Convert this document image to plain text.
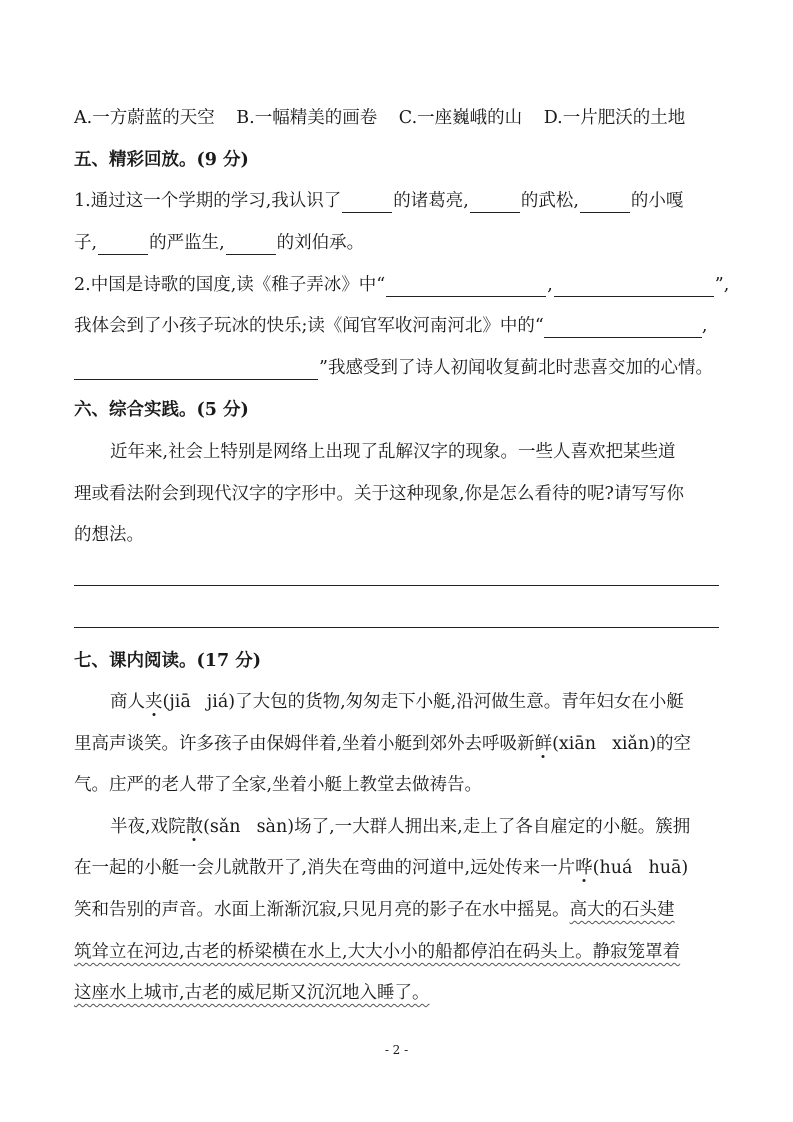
A.一方蔚蓝的天空 B.一幅精美的画卷 C.一座巍峨的山 D.一片肥沃的土地
五、精彩回放。(9 分)
1.通过这一个学期的学习,我认识了	的诸葛亮,	的武松,	的小嘎
子,	的严监生,	的刘伯承。
2.中国是诗歌的国度,读《稚子弄冰》中“	,	”,
我体会到了小孩子玩冰的快乐;读《闻官军收河南河北》中的“	,
”我感受到了诗人初闻收复蓟北时悲喜交加的心情。
六、综合实践。(5 分)
近年来,社会上特别是网络上出现了乱解汉字的现象。一些人喜欢把某些道
理或看法附会到现代汉字的字形中。关于这种现象,你是怎么看待的呢?请写写你
的想法。
七、课内阅读。(17 分)
商人夹(jiā jiá)了大包的货物,匆匆走下小艇,沿河做生意。青年妇女在小艇
里高声谈笑。许多孩子由保姆伴着,坐着小艇到郊外去呼吸新鲜(xiān xiǎn)的空
气。庄严的老人带了全家,坐着小艇上教堂去做祷告。
半夜,戏院散(sǎn sàn)场了,一大群人拥出来,走上了各自雇定的小艇。簇拥
在一起的小艇一会儿就散开了,消失在弯曲的河道中,远处传来一片哗(huá huā)
笑和告别的声音。水面上渐渐沉寂,只见月亮的影子在水中摇晃。高大的石头建
筑耸立在河边,古老的桥梁横在水上,大大小小的船都停泊在码头上。静寂笼罩着
这座水上城市,古老的威尼斯又沉沉地入睡了。
- 2 -
